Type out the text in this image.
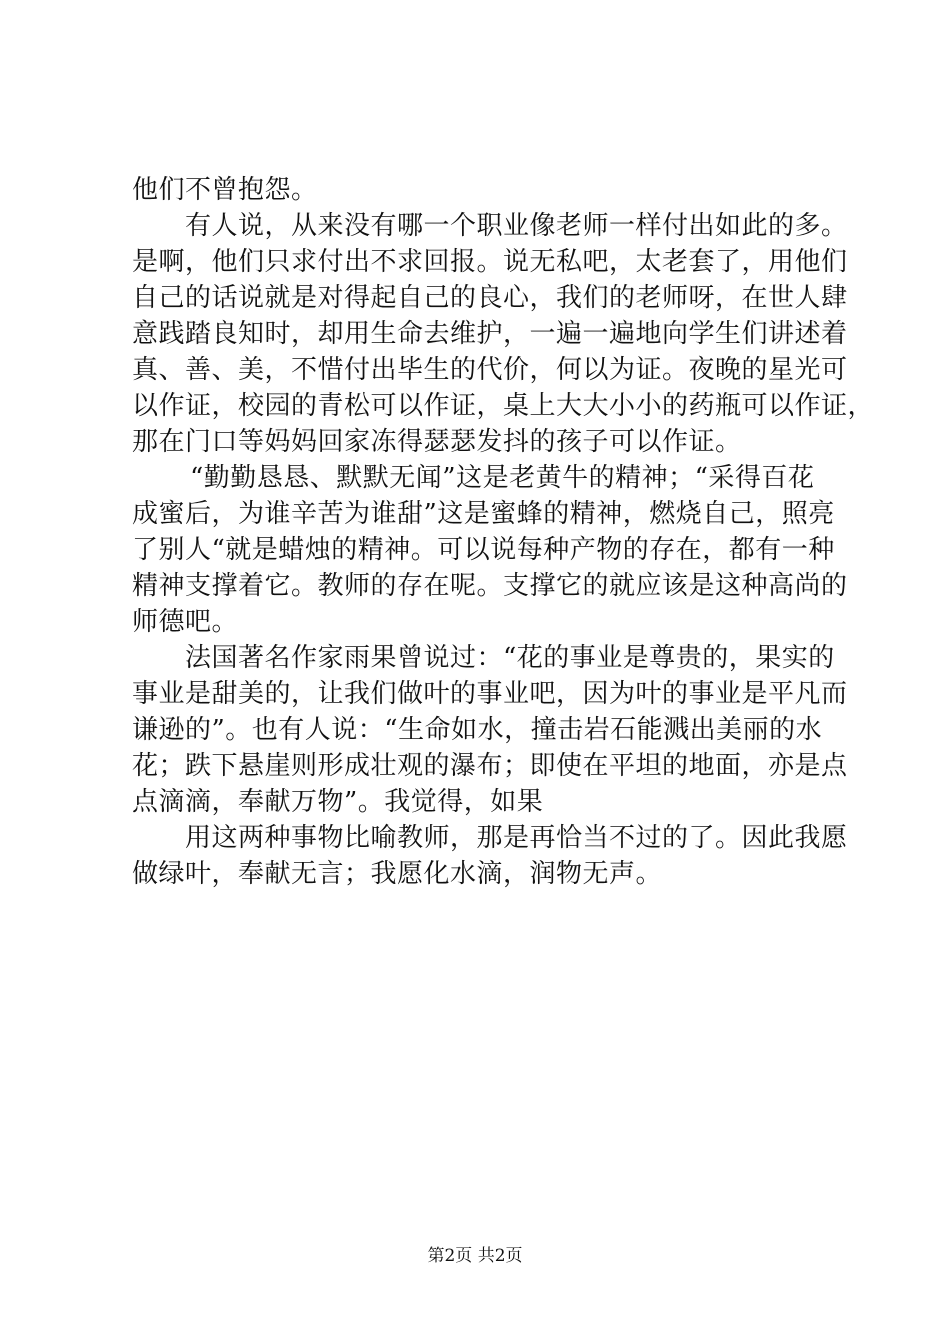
他们不曾抱怨。

有人说，从来没有哪一个职业像老师一样付出如此的多。

是啊，他们只求付出不求回报。说无私吧，太老套了，用他们

自己的话说就是对得起自己的良心，我们的老师呀，在世人肆

意践踏良知时，却用生命去维护，一遍一遍地向学生们讲述着

真、善、美，不惜付出毕生的代价，何以为证。夜晚的星光可

以作证，校园的青松可以作证，桌上大大小小的药瓶可以作证，

那在门口等妈妈回家冻得瑟瑟发抖的孩子可以作证。

“勤勤恳恳、默默无闻”这是老黄牛的精神；“采得百花

成蜜后，为谁辛苦为谁甜”这是蜜蜂的精神，燃烧自己，照亮

了别人“就是蜡烛的精神。可以说每种产物的存在，都有一种

精神支撑着它。教师的存在呢。支撑它的就应该是这种高尚的

师德吧。

法国著名作家雨果曾说过：“花的事业是尊贵的，果实的

事业是甜美的，让我们做叶的事业吧，因为叶的事业是平凡而

谦逊的”。也有人说：“生命如水，撞击岩石能溅出美丽的水

花；跌下悬崖则形成壮观的瀑布；即使在平坦的地面，亦是点

点滴滴，奉献万物”。我觉得，如果

用这两种事物比喻教师，那是再恰当不过的了。因此我愿

做绿叶，奉献无言；我愿化水滴，润物无声。

第2页 共2页
